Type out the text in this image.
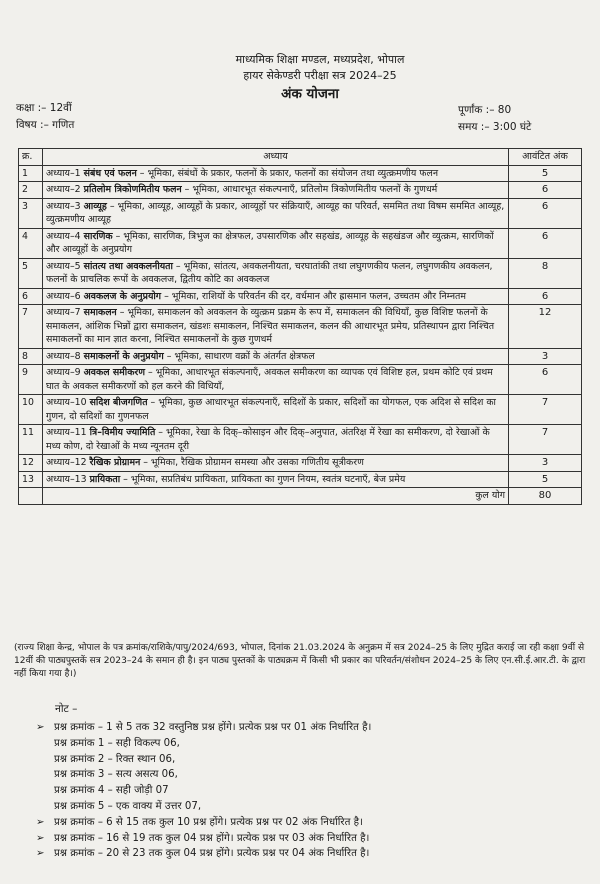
माध्यमिक शिक्षा मण्डल, मध्यप्रदेश, भोपाल
हायर सेकेण्डरी परीक्षा सत्र 2024–25
अंक योजना
कक्षा :– 12वीं
विषय :– गणित
पूर्णांक :– 80
समय :– 3:00 घंटे
क्र.	अध्याय	आवंटित अंक
1	अध्याय–1 संबंध एवं फलन – भूमिका, संबंधों के प्रकार, फलनों के प्रकार, फलनों का संयोजन तथा व्युत्क्रमणीय फलन	5
2	अध्याय–2 प्रतिलोम त्रिकोणमितीय फलन – भूमिका, आधारभूत संकल्पनाएँ, प्रतिलोम त्रिकोणमितीय फलनों के गुणधर्म	6
3	अध्याय–3 आव्यूह – भूमिका, आव्यूह, आव्यूहों के प्रकार, आव्यूहों पर संक्रियाएँ, आव्यूह का परिवर्त, सममित तथा विषम सममित आव्यूह, व्युत्क्रमणीय आव्यूह	6
4	अध्याय–4 सारणिक – भूमिका, सारणिक, त्रिभुज का क्षेत्रफल, उपसारणिक और सहखंड, आव्यूह के सहखंडज और व्युत्क्रम, सारणिकों और आव्यूहों के अनुप्रयोग	6
5	अध्याय–5 सांतत्य तथा अवकलनीयता – भूमिका, सांतत्य, अवकलनीयता, चरघातांकी तथा लघुगणकीय फलन, लघुगणकीय अवकलन, फलनों के प्राचलिक रूपों के अवकलज, द्वितीय कोटि का अवकलज	8
6	अध्याय–6 अवकलज के अनुप्रयोग – भूमिका, राशियों के परिवर्तन की दर, वर्धमान और ह्रासमान फलन, उच्चतम और निम्नतम	6
7	अध्याय–7 समाकलन – भूमिका, समाकलन को अवकलन के व्युत्क्रम प्रक्रम के रूप में, समाकलन की विधियाँ, कुछ विशिष्ट फलनों के समाकलन, आंशिक भिन्नों द्वारा समाकलन, खंडशः समाकलन, निश्चित समाकलन, कलन की आधारभूत प्रमेय, प्रतिस्थापन द्वारा निश्चित समाकलनों का मान ज्ञात करना, निश्चित समाकलनों के कुछ गुणधर्म	12
8	अध्याय–8 समाकलनों के अनुप्रयोग – भूमिका, साधारण वक्रों के अंतर्गत क्षेत्रफल	3
9	अध्याय–9 अवकल समीकरण – भूमिका, आधारभूत संकल्पनाएँ, अवकल समीकरण का व्यापक एवं विशिष्ट हल, प्रथम कोटि एवं प्रथम घात के अवकल समीकरणों को हल करने की विधियाँ,	6
10	अध्याय–10 सदिश बीजगणित – भूमिका, कुछ आधारभूत संकल्पनाएँ, सदिशों के प्रकार, सदिशों का योगफल, एक अदिश से सदिश का गुणन, दो सदिशों का गुणनफल	7
11	अध्याय–11 त्रि–विमीय ज्यामिति – भूमिका, रेखा के दिक्–कोसाइन और दिक्–अनुपात, अंतरिक्ष में रेखा का समीकरण, दो रेखाओं के मध्य कोण, दो रेखाओं के मध्य न्यूनतम दूरी	7
12	अध्याय–12 रैखिक प्रोग्रामन – भूमिका, रैखिक प्रोग्रामन समस्या और उसका गणितीय सूत्रीकरण	3
13	अध्याय–13 प्रायिकता – भूमिका, सप्रतिबंध प्रायिकता, प्रायिकता का गुणन नियम, स्वतंत्र घटनाएँ, बेज प्रमेय	5
	कुल योग	80
(राज्य शिक्षा केन्द्र, भोपाल के पत्र क्रमांक/राशिके/पापु/2024/693, भोपाल, दिनांक 21.03.2024 के अनुक्रम में सत्र 2024–25 के लिए मुद्रित कराई जा रही कक्षा 9वीं से 12वीं की पाठ्यपुस्तकें सत्र 2023–24 के समान ही है। इन पाठ्य पुस्तकों के पाठ्यक्रम में किसी भी प्रकार का परिवर्तन/संशोधन 2024–25 के लिए एन.सी.ई.आर.टी. के द्वारा नहीं किया गया है।)
नोट –
➢ प्रश्न क्रमांक – 1 से 5 तक 32 वस्तुनिष्ठ प्रश्न होंगे। प्रत्येक प्रश्न पर 01 अंक निर्धारित है।
प्रश्न क्रमांक 1 – सही विकल्प 06,
प्रश्न क्रमांक 2 – रिक्त स्थान 06,
प्रश्न क्रमांक 3 – सत्य असत्य 06,
प्रश्न क्रमांक 4 – सही जोड़ी 07
प्रश्न क्रमांक 5 – एक वाक्य में उत्तर 07,
➢ प्रश्न क्रमांक – 6 से 15 तक कुल 10 प्रश्न होंगे। प्रत्येक प्रश्न पर 02 अंक निर्धारित है।
➢ प्रश्न क्रमांक – 16 से 19 तक कुल 04 प्रश्न होंगे। प्रत्येक प्रश्न पर 03 अंक निर्धारित है।
➢ प्रश्न क्रमांक – 20 से 23 तक कुल 04 प्रश्न होंगे। प्रत्येक प्रश्न पर 04 अंक निर्धारित है।
